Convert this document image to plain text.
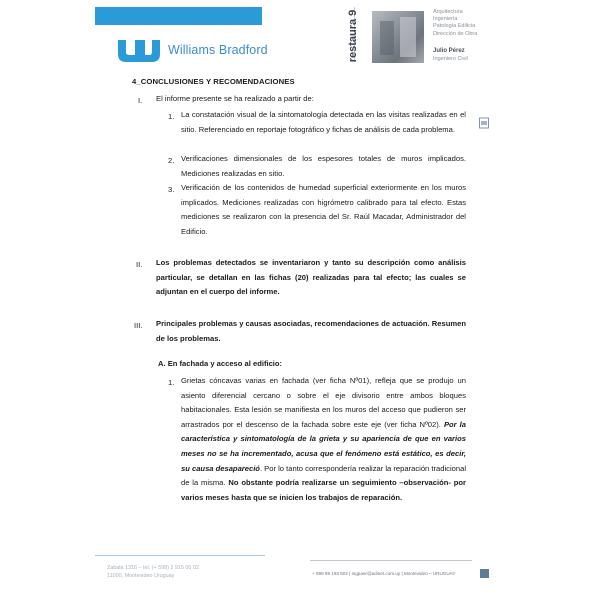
Williams Bradford	restaura 9	Arquitectura
Ingeniería
Patología Edilicia
Dirección de Obra
Julio Pérez
Ingeniero Civil
4_CONCLUSIONES Y RECOMENDACIONES
I. El informe presente se ha realizado a partir de:
1. La constatación visual de la sintomatología detectada en las visitas realizadas en el sitio. Referenciado en reportaje fotográfico y fichas de análisis de cada problema.
2. Verificaciones dimensionales de los espesores totales de muros implicados. Mediciones realizadas en sitio.
3. Verificación de los contenidos de humedad superficial exteriormente en los muros implicados. Mediciones realizadas con higrómetro calibrado para tal efecto. Estas mediciones se realizaron con la presencia del Sr. Raúl Macadar, Administrador del Edificio.
II. Los problemas detectados se inventariaron y tanto su descripción como análisis particular, se detallan en las fichas (20) realizadas para tal efecto; las cuales se adjuntan en el cuerpo del informe.
III. Principales problemas y causas asociadas, recomendaciones de actuación. Resumen de los problemas.
A. En fachada y acceso al edificio:
1. Grietas cóncavas varias en fachada (ver ficha Nº01), refleja que se produjo un asiento diferencial cercano o sobre el eje divisorio entre ambos bloques habitacionales. Esta lesión se manifiesta en los muros del acceso que pudieron ser arrastrados por el descenso de la fachada sobre este eje (ver ficha Nº02). Por la característica y sintomatología de la grieta y su apariencia de que en varios meses no se ha incrementado, acusa que el fenómeno está estático, es decir, su causa desapareció. Por lo tanto correspondería realizar la reparación tradicional de la misma. No obstante podría realizarse un seguimiento –observación- por varios meses hasta que se inicien los trabajos de reparación.
Zabala 1316 – tel. (+ 598) 2 915 00 02
11000, Montevideo Uruguay	+ 598 99 183 502 | ingpaer@adinet.com.uy | Montevideo – URUGUAY
